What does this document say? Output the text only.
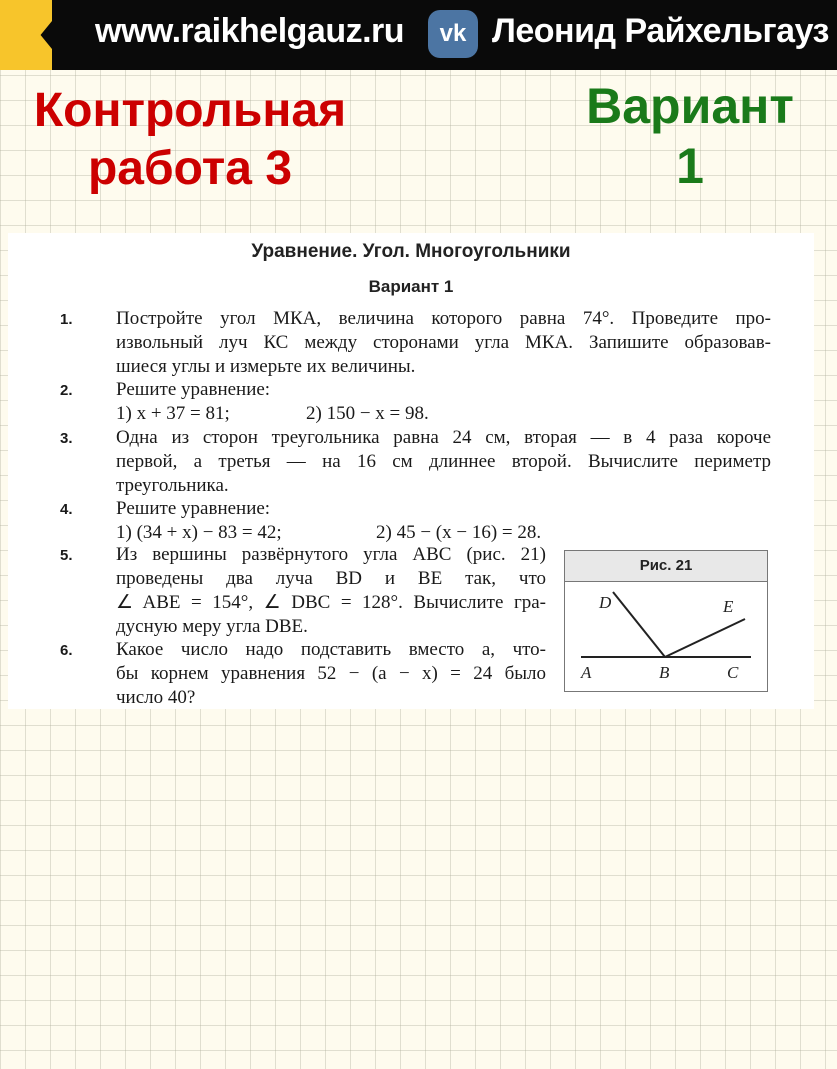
www.raikhelgauz.ru	vk Леонид Райхельгауз
Контрольная
работа 3
Вариант
1
Уравнение. Угол. Многоугольники
Вариант 1
1.	Постройте угол МКА, величина которого равна 74°. Проведите про-
извольный луч КС между сторонами угла МКА. Запишите образовав-
шиеся углы и измерьте их величины.
2.	Решите уравнение:
1) x + 37 = 81;	2) 150 − x = 98.
3.	Одна из сторон треугольника равна 24 см, вторая — в 4 раза короче
первой, а третья — на 16 см длиннее второй. Вычислите периметр
треугольника.
4.	Решите уравнение:
1) (34 + x) − 83 = 42;	2) 45 − (x − 16) = 28.
5.	Из вершины развёрнутого угла ABC (рис. 21)
проведены два луча BD и BE так, что
∠ ABE = 154°, ∠ DBC = 128°. Вычислите гра-
дусную меру угла DBE.
6.	Какое число надо подставить вместо a, что-
бы корнем уравнения 52 − (a − x) = 24 было
число 40?
Рис. 21
D	E
A	B	C
